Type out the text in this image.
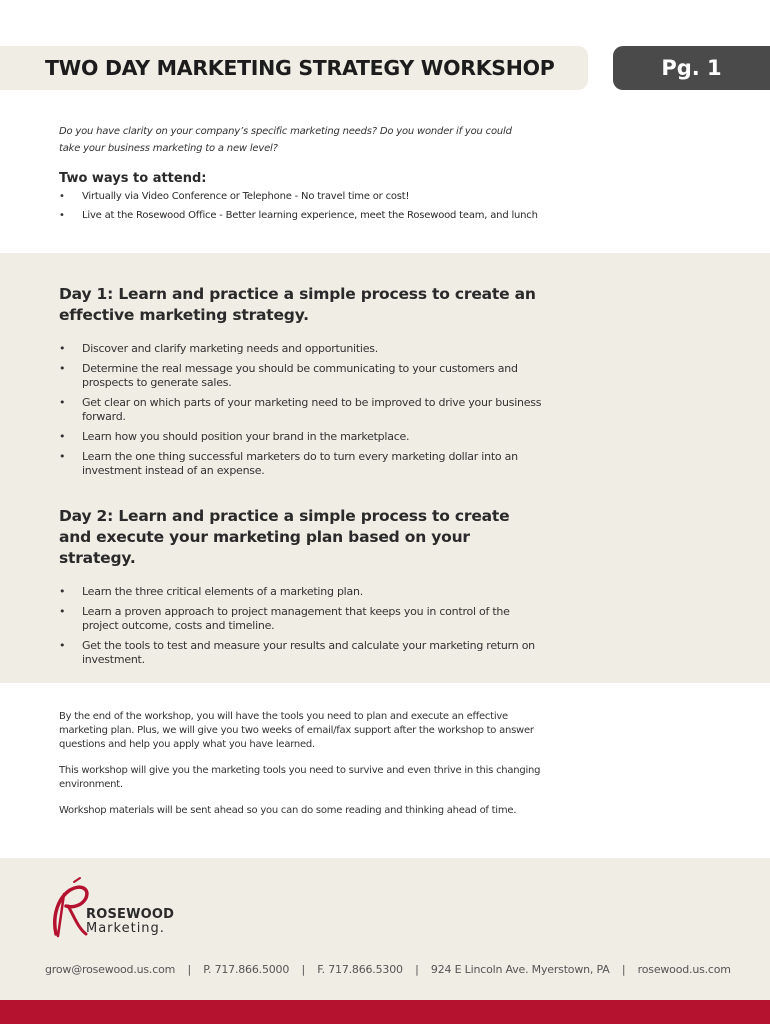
TWO DAY MARKETING STRATEGY WORKSHOP	Pg. 1

Do you have clarity on your company’s specific marketing needs? Do you wonder if you could
take your business marketing to a new level?

Two ways to attend:
• Virtually via Video Conference or Telephone - No travel time or cost!
• Live at the Rosewood Office - Better learning experience, meet the Rosewood team, and lunch
Day 1: Learn and practice a simple process to create an effective marketing strategy.
• Discover and clarify marketing needs and opportunities.
• Determine the real message you should be communicating to your customers and prospects to generate sales.
• Get clear on which parts of your marketing need to be improved to drive your business forward.
• Learn how you should position your brand in the marketplace.
• Learn the one thing successful marketers do to turn every marketing dollar into an investment instead of an expense.
Day 2: Learn and practice a simple process to create and execute your marketing plan based on your strategy.
• Learn the three critical elements of a marketing plan.
• Learn a proven approach to project management that keeps you in control of the project outcome, costs and timeline.
• Get the tools to test and measure your results and calculate your marketing return on investment.

By the end of the workshop, you will have the tools you need to plan and execute an effective marketing plan. Plus, we will give you two weeks of email/fax support after the workshop to answer questions and help you apply what you have learned.

This workshop will give you the marketing tools you need to survive and even thrive in this changing environment.

Workshop materials will be sent ahead so you can do some reading and thinking ahead of time.

ROSEWOOD
Marketing.
grow@rosewood.us.com | P. 717.866.5000 | F. 717.866.5300 | 924 E Lincoln Ave. Myerstown, PA | rosewood.us.com
